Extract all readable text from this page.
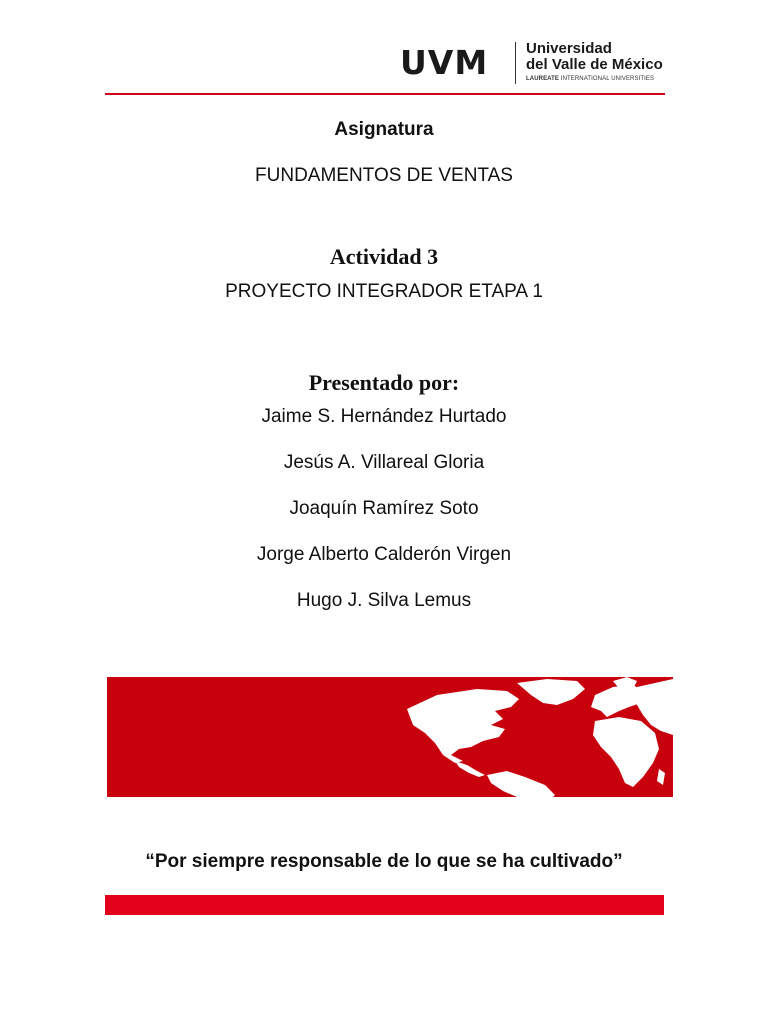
UVM	Universidad
del Valle de México
LAUREATE INTERNATIONAL UNIVERSITIES
Asignatura
FUNDAMENTOS DE VENTAS
Actividad 3
PROYECTO INTEGRADOR ETAPA 1
Presentado por:
Jaime S. Hernández Hurtado
Jesús A. Villareal Gloria
Joaquín Ramírez Soto
Jorge Alberto Calderón Virgen
Hugo J. Silva Lemus
“Por siempre responsable de lo que se ha cultivado”
